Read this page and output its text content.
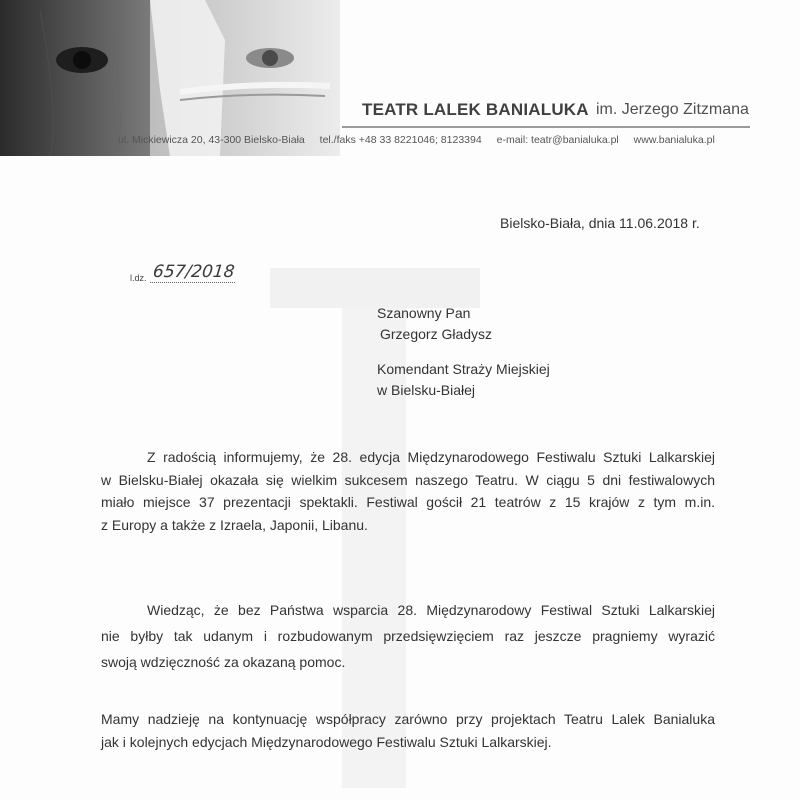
TEATR LALEK BANIALUKA im. Jerzego Zitzmana
ul. Mickiewicza 20, 43-300 Bielsko-Biała tel./faks +48 33 8221046; 8123394 e-mail: teatr@banialuka.pl www.banialuka.pl
Bielsko-Biała, dnia 11.06.2018 r.
l.dz. 657/2018
Szanowny Pan
Grzegorz Gładysz
Komendant Straży Miejskiej
w Bielsku-Białej
Z radością informujemy, że 28. edycja Międzynarodowego Festiwalu Sztuki Lalkarskiej
w Bielsku-Białej okazała się wielkim sukcesem naszego Teatru. W ciągu 5 dni festiwalowych
miało miejsce 37 prezentacji spektakli. Festiwal gościł 21 teatrów z 15 krajów z tym m.in.
z Europy a także z Izraela, Japonii, Libanu.
Wiedząc, że bez Państwa wsparcia 28. Międzynarodowy Festiwal Sztuki Lalkarskiej
nie byłby tak udanym i rozbudowanym przedsięwzięciem raz jeszcze pragniemy wyrazić
swoją wdzięczność za okazaną pomoc.
Mamy nadzieję na kontynuację współpracy zarówno przy projektach Teatru Lalek Banialuka
jak i kolejnych edycjach Międzynarodowego Festiwalu Sztuki Lalkarskiej.
